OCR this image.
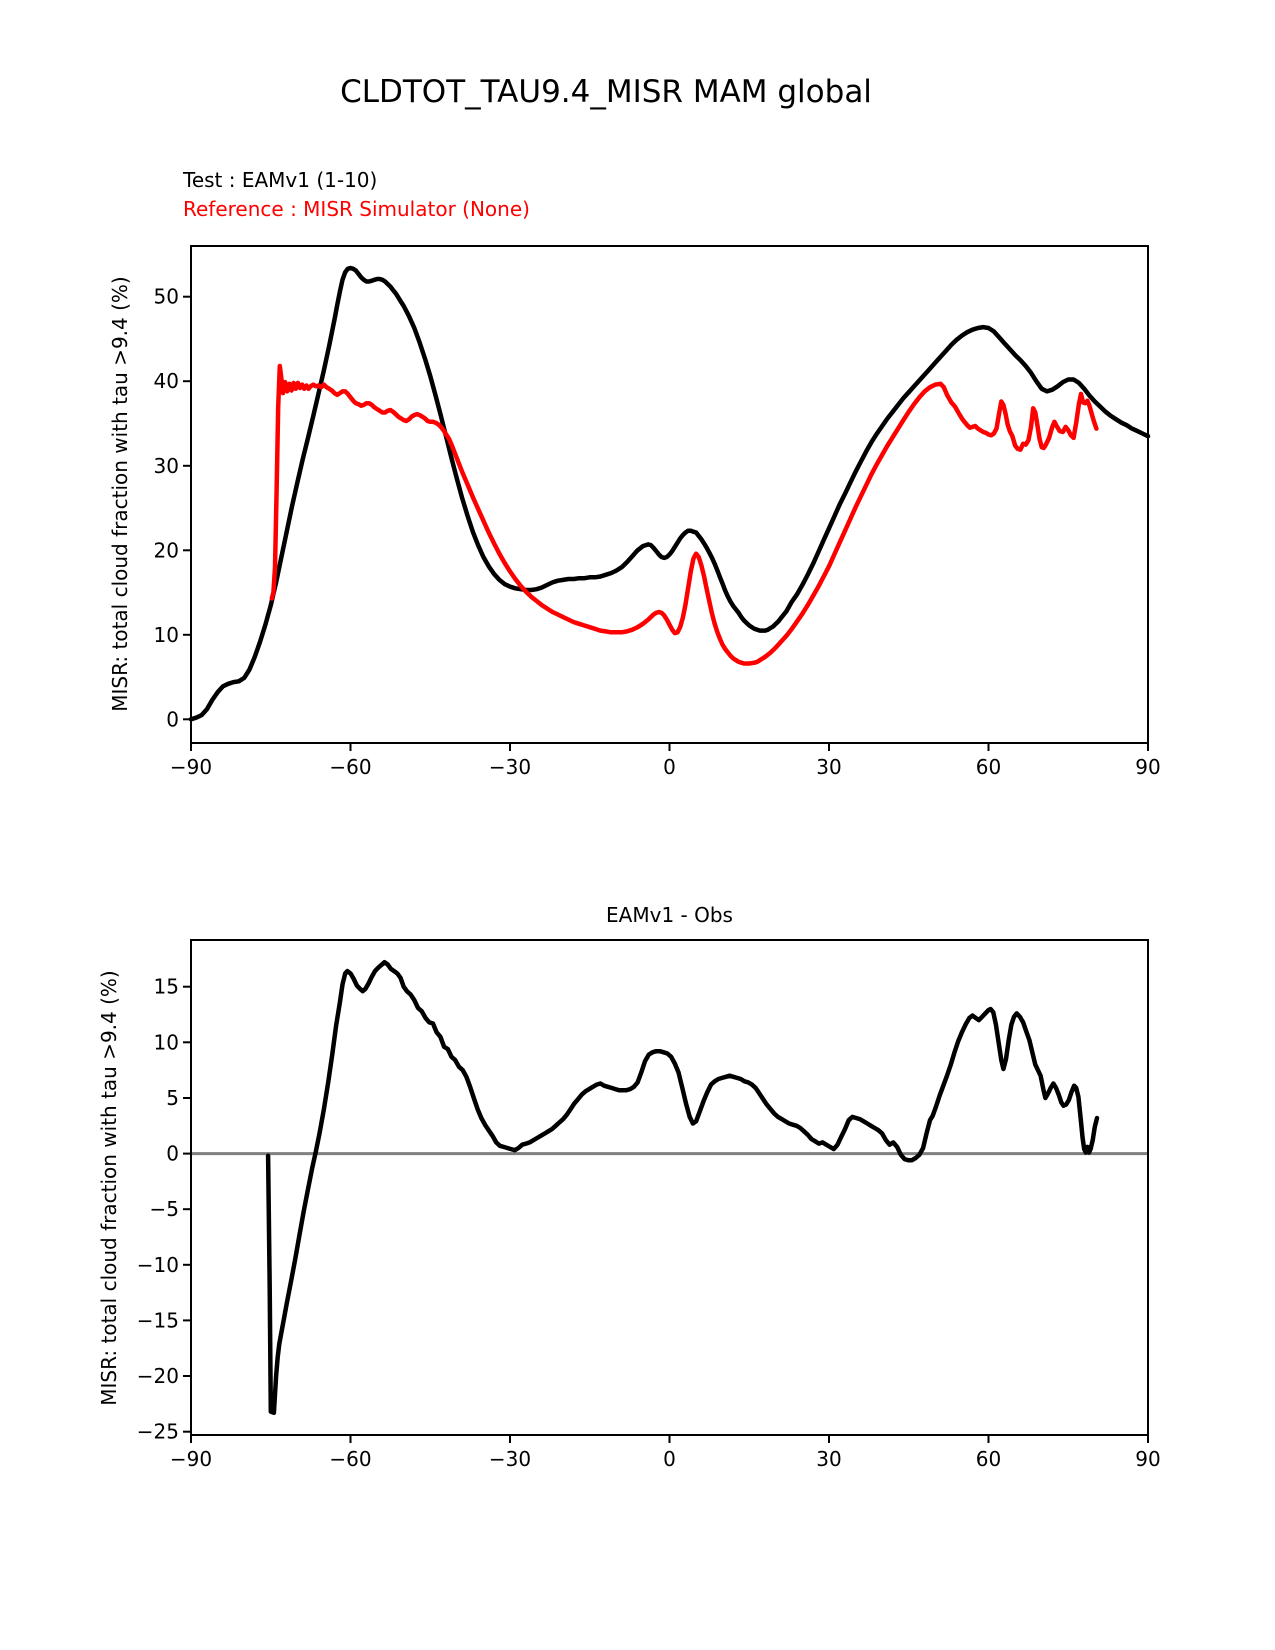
CLDTOT_TAU9.4_MISR MAM global
Test : EAMv1 (1-10)
Reference : MISR Simulator (None)
MISR: total cloud fraction with tau >9.4 (%)
EAMv1 - Obs
MISR: total cloud fraction with tau >9.4 (%)
−90	−60	−30	0	30	60	90
0
10
20
30
40
50
−90	−60	−30	0	30	60	90
15
10
5
0
−5
−10
−15
−20
−25
